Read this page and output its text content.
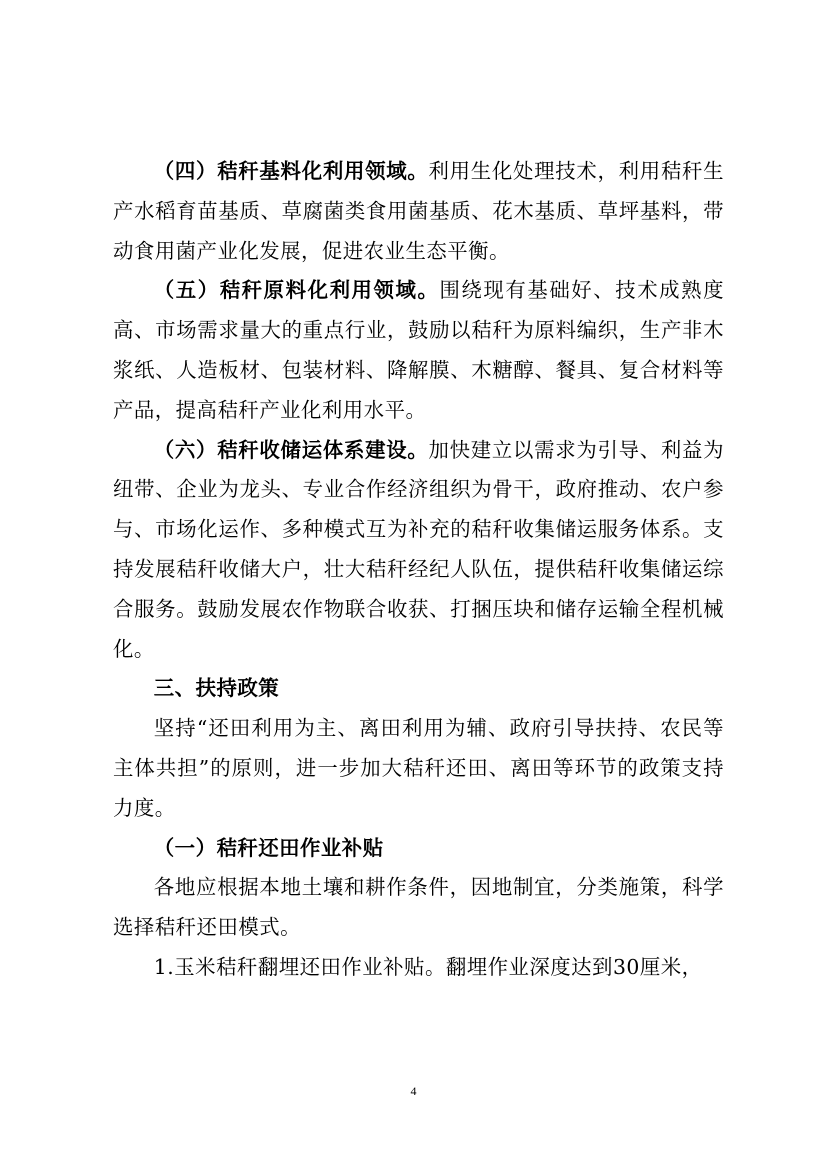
（四）秸秆基料化利用领域。利用生化处理技术，利用秸秆生产水稻育苗基质、草腐菌类食用菌基质、花木基质、草坪基料，带动食用菌产业化发展，促进农业生态平衡。

（五）秸秆原料化利用领域。围绕现有基础好、技术成熟度高、市场需求量大的重点行业，鼓励以秸秆为原料编织，生产非木浆纸、人造板材、包装材料、降解膜、木糖醇、餐具、复合材料等产品，提高秸秆产业化利用水平。

（六）秸秆收储运体系建设。加快建立以需求为引导、利益为纽带、企业为龙头、专业合作经济组织为骨干，政府推动、农户参与、市场化运作、多种模式互为补充的秸秆收集储运服务体系。支持发展秸秆收储大户，壮大秸秆经纪人队伍，提供秸秆收集储运综合服务。鼓励发展农作物联合收获、打捆压块和储存运输全程机械化。

三、扶持政策

坚持“还田利用为主、离田利用为辅、政府引导扶持、农民等主体共担”的原则，进一步加大秸秆还田、离田等环节的政策支持力度。

（一）秸秆还田作业补贴

各地应根据本地土壤和耕作条件，因地制宜，分类施策，科学选择秸秆还田模式。

1.玉米秸秆翻埋还田作业补贴。翻埋作业深度达到30厘米，

4
